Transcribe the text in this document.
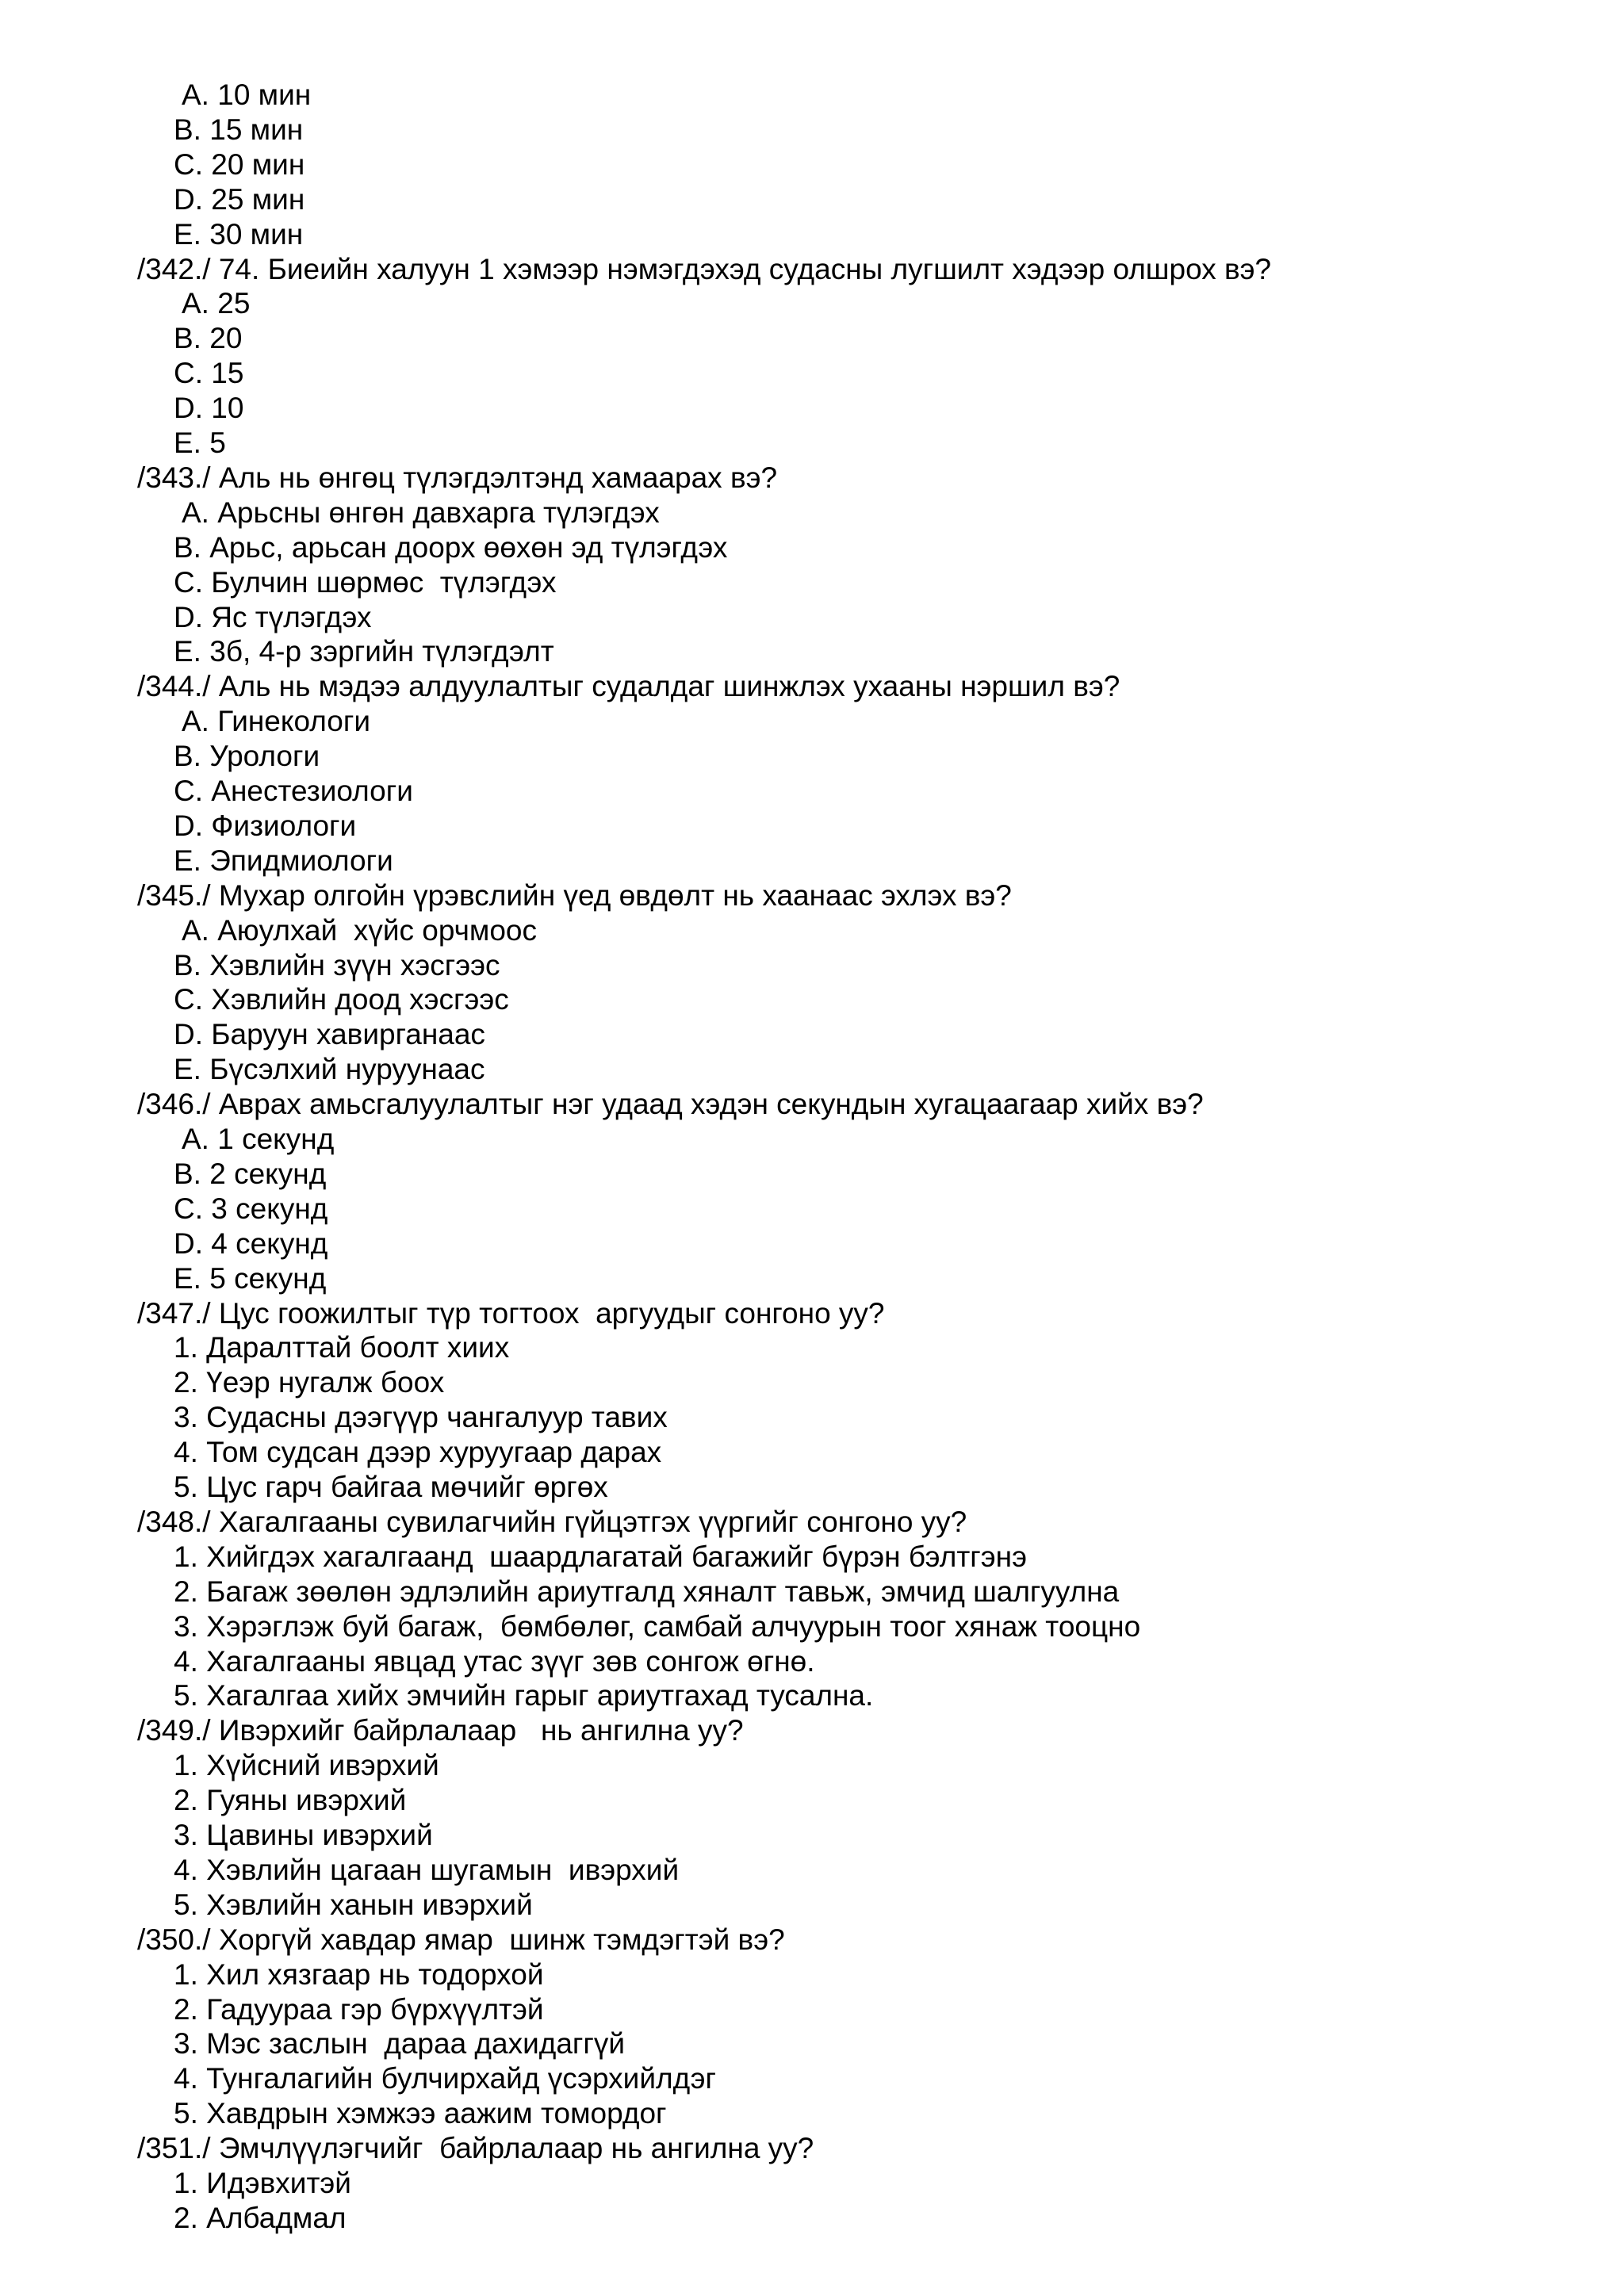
A. 10 мин
B. 15 мин
C. 20 мин
D. 25 мин
E. 30 мин
/342./ 74. Биеийн халуун 1 хэмээр нэмэгдэхэд судасны лугшилт хэдээр олшрох вэ?
A. 25
B. 20
C. 15
D. 10
E. 5
/343./ Аль нь өнгөц түлэгдэлтэнд хамаарах вэ?
A. Арьсны өнгөн давхарга түлэгдэх
B. Арьс, арьсан доорх өөхөн эд түлэгдэх
C. Булчин шөрмөс  түлэгдэх
D. Яс түлэгдэх
E. 3б, 4-р зэргийн түлэгдэлт
/344./ Аль нь мэдээ алдуулалтыг судалдаг шинжлэх ухааны нэршил вэ?
A. Гинекологи
B. Урологи
C. Анестезиологи
D. Физиологи
E. Эпидмиологи
/345./ Мухар олгойн үрэвслийн үед өвдөлт нь хаанаас эхлэх вэ?
A. Аюулхай  хүйс орчмоос
B. Хэвлийн зүүн хэсгээс
C. Хэвлийн доод хэсгээс
D. Баруун хавирганаас
E. Бүсэлхий нуруунаас
/346./ Аврах амьсгалуулалтыг нэг удаад хэдэн секундын хугацаагаар хийх вэ?
A. 1 секунд
B. 2 секунд
C. 3 секунд
D. 4 секунд
E. 5 секунд
/347./ Цус гоожилтыг түр тогтоох  аргуудыг сонгоно уу?
1. Даралттай боолт хиих
2. Үеэр нугалж боох
3. Судасны дээгүүр чангалуур тавих
4. Том судсан дээр хуруугаар дарах
5. Цус гарч байгаа мөчийг өргөх
/348./ Хагалгааны сувилагчийн гүйцэтгэх үүргийг сонгоно уу?
1. Хийгдэх хагалгаанд  шаардлагатай багажийг бүрэн бэлтгэнэ
2. Багаж зөөлөн эдлэлийн ариутгалд хяналт тавьж, эмчид шалгуулна
3. Хэрэглэж буй багаж,  бөмбөлөг, самбай алчуурын тоог хянаж тооцно
4. Хагалгааны явцад утас зүүг зөв сонгож өгнө.
5. Хагалгаа хийх эмчийн гарыг ариутгахад тусална.
/349./ Ивэрхийг байрлалаар   нь ангилна уу?
1. Хүйсний ивэрхий
2. Гуяны ивэрхий
3. Цавины ивэрхий
4. Хэвлийн цагаан шугамын  ивэрхий
5. Хэвлийн ханын ивэрхий
/350./ Хоргүй хавдар ямар  шинж тэмдэгтэй вэ?
1. Хил хязгаар нь тодорхой
2. Гадуураа гэр бүрхүүлтэй
3. Мэс заслын  дараа дахидаггүй
4. Тунгалагийн булчирхайд үсэрхийлдэг
5. Хавдрын хэмжээ аажим томордог
/351./ Эмчлүүлэгчийг  байрлалаар нь ангилна уу?
1. Идэвхитэй
2. Албадмал
